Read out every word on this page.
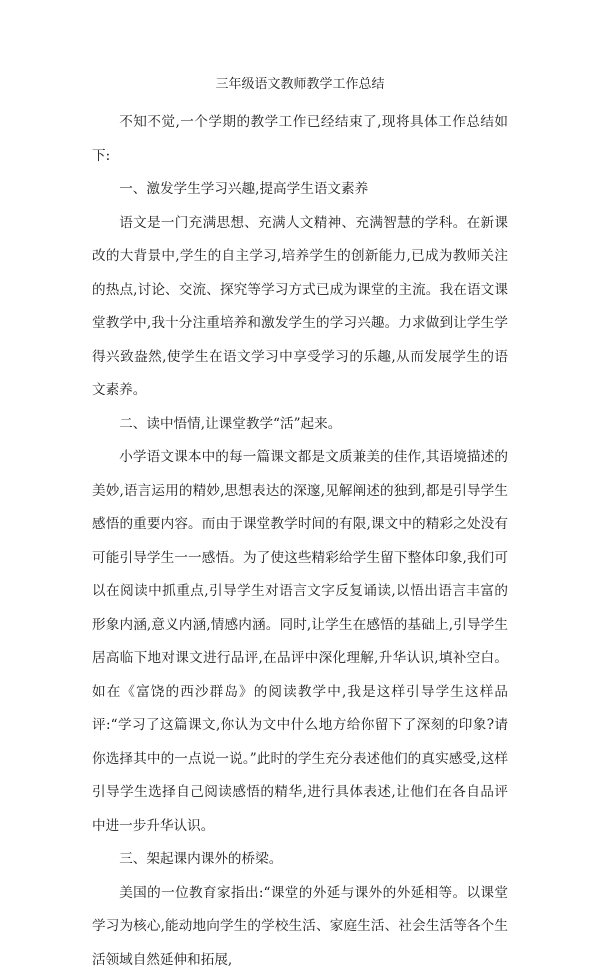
三年级语文教师教学工作总结

不知不觉,一个学期的教学工作已经结束了,现将具体工作总结如下:

一、激发学生学习兴趣,提高学生语文素养

语文是一门充满思想、充满人文精神、充满智慧的学科。在新课改的大背景中,学生的自主学习,培养学生的创新能力,已成为教师关注的热点,讨论、交流、探究等学习方式已成为课堂的主流。我在语文课堂教学中,我十分注重培养和激发学生的学习兴趣。力求做到让学生学得兴致盎然,使学生在语文学习中享受学习的乐趣,从而发展学生的语文素养。

二、读中悟情,让课堂教学“活”起来。

小学语文课本中的每一篇课文都是文质兼美的佳作,其语境描述的美妙,语言运用的精妙,思想表达的深邃,见解阐述的独到,都是引导学生感悟的重要内容。而由于课堂教学时间的有限,课文中的精彩之处没有可能引导学生一一感悟。为了使这些精彩给学生留下整体印象,我们可以在阅读中抓重点,引导学生对语言文字反复诵读,以悟出语言丰富的形象内涵,意义内涵,情感内涵。同时,让学生在感悟的基础上,引导学生居高临下地对课文进行品评,在品评中深化理解,升华认识,填补空白。如在《富饶的西沙群岛》的阅读教学中,我是这样引导学生这样品评:“学习了这篇课文,你认为文中什么地方给你留下了深刻的印象?请你选择其中的一点说一说。”此时的学生充分表述他们的真实感受,这样引导学生选择自己阅读感悟的精华,进行具体表述,让他们在各自品评中进一步升华认识。

三、架起课内课外的桥梁。

美国的一位教育家指出:“课堂的外延与课外的外延相等。以课堂学习为核心,能动地向学生的学校生活、家庭生活、社会生活等各个生活领域自然延伸和拓展,
